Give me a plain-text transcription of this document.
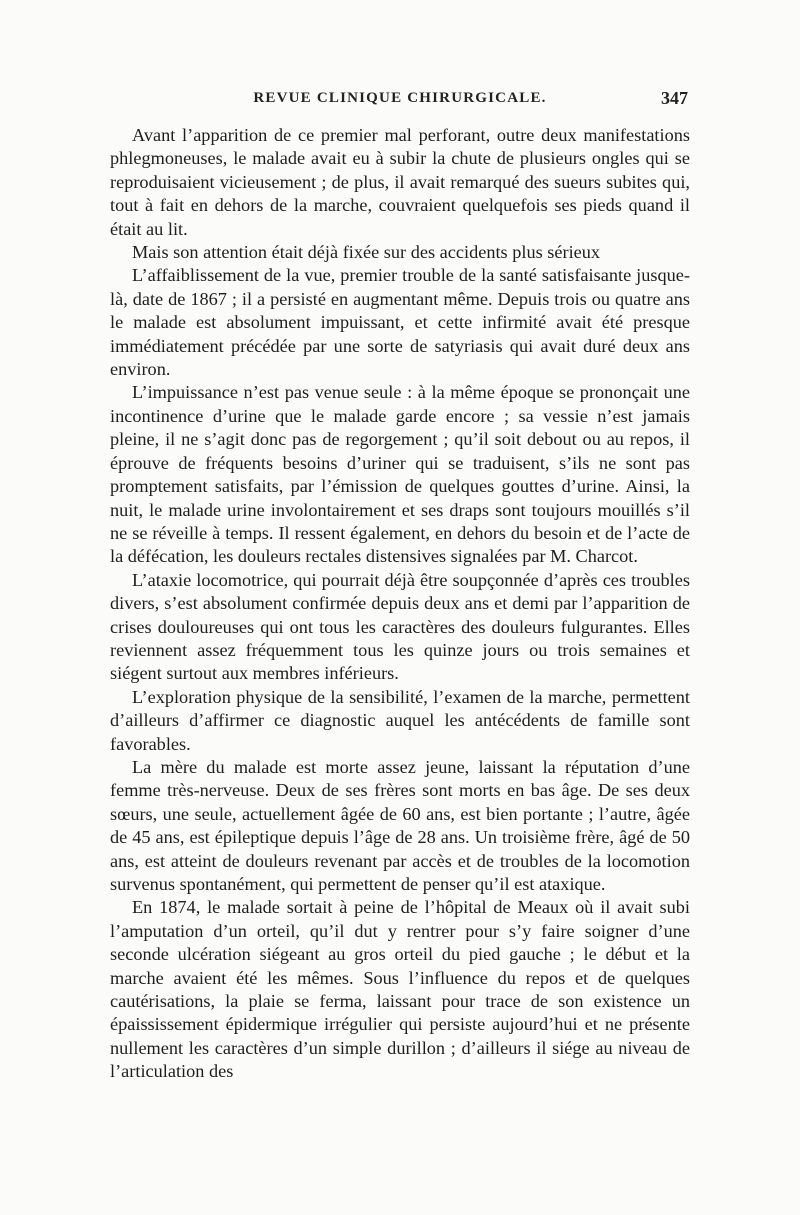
REVUE CLINIQUE CHIRURGICALE.	347

Avant l’apparition de ce premier mal perforant, outre deux manifestations phlegmoneuses, le malade avait eu à subir la chute de plusieurs ongles qui se reproduisaient vicieusement ; de plus, il avait remarqué des sueurs subites qui, tout à fait en dehors de la marche, couvraient quelquefois ses pieds quand il était au lit.

Mais son attention était déjà fixée sur des accidents plus sérieux

L’affaiblissement de la vue, premier trouble de la santé satisfaisante jusque-là, date de 1867 ; il a persisté en augmentant même. Depuis trois ou quatre ans le malade est absolument impuissant, et cette infirmité avait été presque immédiatement précédée par une sorte de satyriasis qui avait duré deux ans environ.

L’impuissance n’est pas venue seule : à la même époque se prononçait une incontinence d’urine que le malade garde encore ; sa vessie n’est jamais pleine, il ne s’agit donc pas de regorgement ; qu’il soit debout ou au repos, il éprouve de fréquents besoins d’uriner qui se traduisent, s’ils ne sont pas promptement satisfaits, par l’émission de quelques gouttes d’urine. Ainsi, la nuit, le malade urine involontairement et ses draps sont toujours mouillés s’il ne se réveille à temps. Il ressent également, en dehors du besoin et de l’acte de la défécation, les douleurs rectales distensives signalées par M. Charcot.

L’ataxie locomotrice, qui pourrait déjà être soupçonnée d’après ces troubles divers, s’est absolument confirmée depuis deux ans et demi par l’apparition de crises douloureuses qui ont tous les caractères des douleurs fulgurantes. Elles reviennent assez fréquemment tous les quinze jours ou trois semaines et siégent surtout aux membres inférieurs.

L’exploration physique de la sensibilité, l’examen de la marche, permettent d’ailleurs d’affirmer ce diagnostic auquel les antécédents de famille sont favorables.

La mère du malade est morte assez jeune, laissant la réputation d’une femme très-nerveuse. Deux de ses frères sont morts en bas âge. De ses deux sœurs, une seule, actuellement âgée de 60 ans, est bien portante ; l’autre, âgée de 45 ans, est épileptique depuis l’âge de 28 ans. Un troisième frère, âgé de 50 ans, est atteint de douleurs revenant par accès et de troubles de la locomotion survenus spontanément, qui permettent de penser qu’il est ataxique.

En 1874, le malade sortait à peine de l’hôpital de Meaux où il avait subi l’amputation d’un orteil, qu’il dut y rentrer pour s’y faire soigner d’une seconde ulcération siégeant au gros orteil du pied gauche ; le début et la marche avaient été les mêmes. Sous l’influence du repos et de quelques cautérisations, la plaie se ferma, laissant pour trace de son existence un épaississement épidermique irrégulier qui persiste aujourd’hui et ne présente nullement les caractères d’un simple durillon ; d’ailleurs il siége au niveau de l’articulation des
